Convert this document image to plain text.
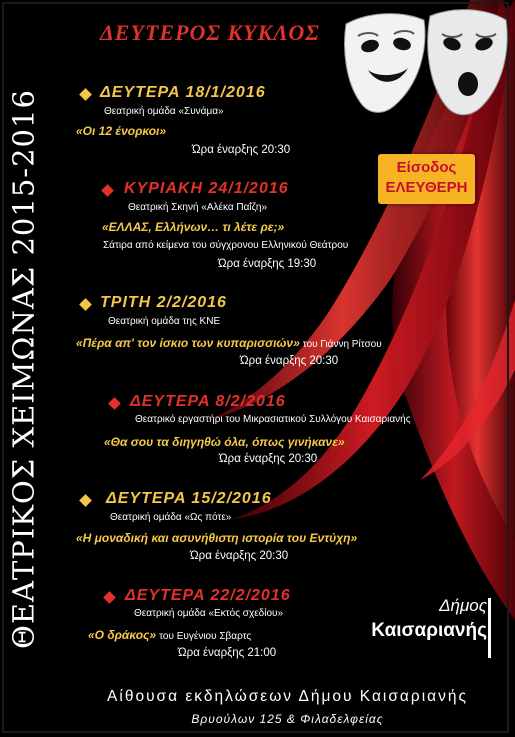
ΘΕΑΤΡΙΚΟΣ ΧΕΙΜΩΝΑΣ 2015-2016
ΔΕΥΤΕΡΟΣ ΚΥΚΛΟΣ
Είσοδος
ΕΛΕΥΘΕΡΗ
ΔΕΥΤΕΡΑ 18/1/2016
Θεατρική ομάδα «Συνάμα»
«Οι 12 ένορκοι»
Ώρα έναρξης 20:30
ΚΥΡΙΑΚΗ 24/1/2016
Θεατρική Σκηνή «Αλέκα Παΐζη»
«ΕΛΛΑΣ, Ελλήνων… τι λέτε ρε;»
Σάτιρα από κείμενα του σύγχρονου Ελληνικού Θεάτρου
Ώρα έναρξης 19:30
ΤΡΙΤΗ 2/2/2016
Θεατρική ομάδα της ΚΝΕ
«Πέρα απ' τον ίσκιο των κυπαρισσιών» του Γιάννη Ρίτσου
Ώρα έναρξης 20:30
ΔΕΥΤΕΡΑ 8/2/2016
Θεατρικό εργαστήρι του Μικρασιατικού Συλλόγου Καισαριανής
«Θα σου τα διηγηθώ όλα, όπως γινήκανε»
Ώρα έναρξης 20:30
ΔΕΥΤΕΡΑ 15/2/2016
Θεατρική ομάδα «Ως πότε»
«Η μοναδική και ασυνήθιστη ιστορία του Εντύχη»
Ώρα έναρξης 20:30
ΔΕΥΤΕΡΑ 22/2/2016
Θεατρική ομάδα «Εκτός σχεδίου»
«Ο δράκος» του Ευγένιου Σβαρτς
Ώρα έναρξης 21:00
Δήμος
Καισαριανής
Αίθουσα εκδηλώσεων Δήμου Καισαριανής
Βρυούλων 125 & Φιλαδελφείας
